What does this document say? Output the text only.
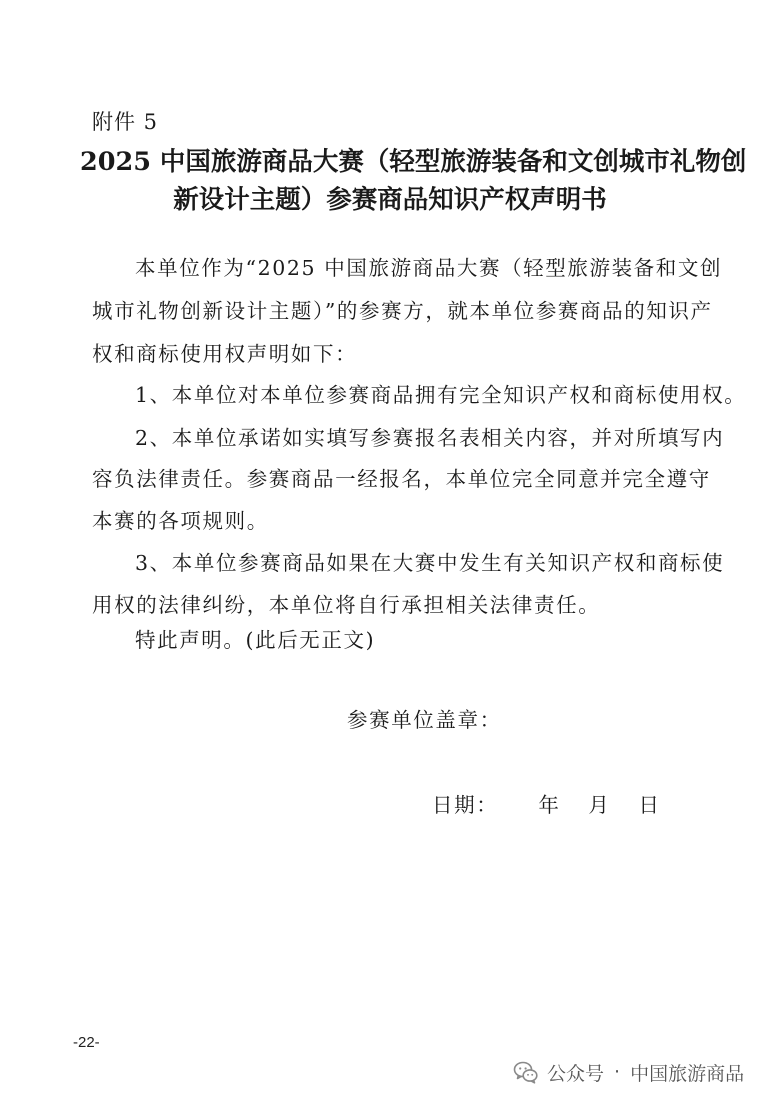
附件 5
2025 中国旅游商品大赛（轻型旅游装备和文创城市礼物创
新设计主题）参赛商品知识产权声明书
本单位作为“2025 中国旅游商品大赛（轻型旅游装备和文创
城市礼物创新设计主题）”的参赛方，就本单位参赛商品的知识产
权和商标使用权声明如下：
1、本单位对本单位参赛商品拥有完全知识产权和商标使用权。
2、本单位承诺如实填写参赛报名表相关内容，并对所填写内
容负法律责任。参赛商品一经报名，本单位完全同意并完全遵守
本赛的各项规则。
3、本单位参赛商品如果在大赛中发生有关知识产权和商标使
用权的法律纠纷，本单位将自行承担相关法律责任。
特此声明。(此后无正文)
参赛单位盖章：
日期： 年 月 日
-22-
公众号 · 中国旅游商品
